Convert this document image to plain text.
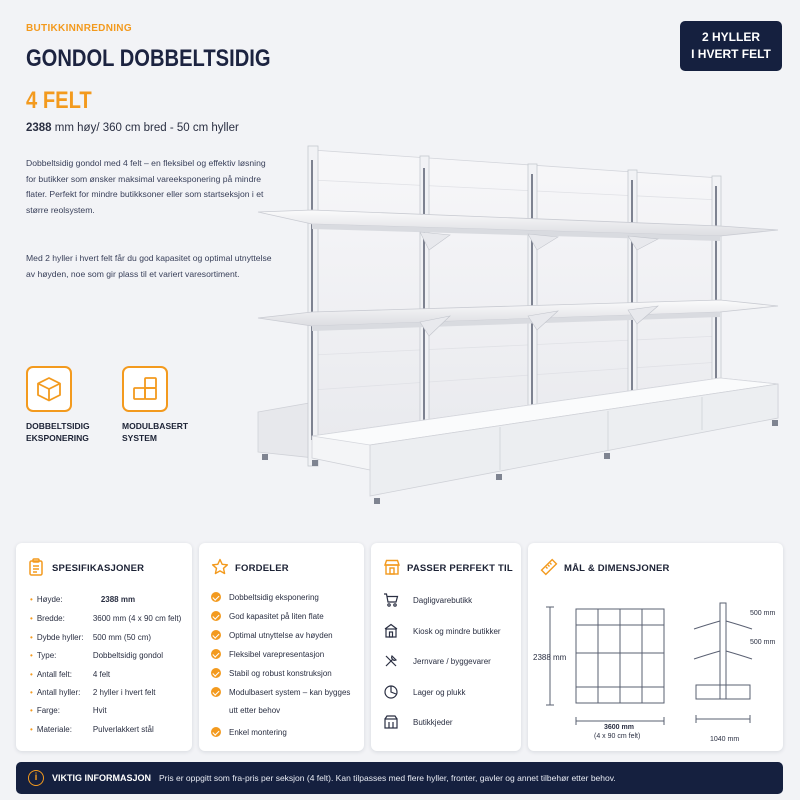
BUTIKKINNREDNING
GONDOL DOBBELTSIDIG
4 FELT
2388 mm høy/ 360 cm bred - 50 cm hyller
Dobbeltsidig gondol med 4 felt – en fleksibel og effektiv løsning for butikker som ønsker maksimal vareeksponering på mindre flater. Perfekt for mindre butikksoner eller som startseksjon i et større reolsystem.
Med 2 hyller i hvert felt får du god kapasitet og optimal utnyttelse av høyden, noe som gir plass til et variert varesortiment.
2 HYLLER
I HVERT FELT
DOBBELTSIDIG
EKSPONERING
MODULBASERT
SYSTEM
SPESIFIKASJONER
• Høyde:	2388 mm
• Bredde:	3600 mm (4 x 90 cm felt)
• Dybde hyller:	500 mm (50 cm)
• Type:	Dobbeltsidig gondol
• Antall felt:	4 felt
• Antall hyller:	2 hyller i hvert felt
• Farge:	Hvit
• Materiale:	Pulverlakkert stål
FORDELER
Dobbeltsidig eksponering
God kapasitet på liten flate
Optimal utnyttelse av høyden
Fleksibel varepresentasjon
Stabil og robust konstruksjon
Modulbasert system – kan bygges
utt etter behov
Enkel montering
PASSER PERFEKT TIL
Dagligvarebutikk
Kiosk og mindre butikker
Jernvare / byggevarer
Lager og plukk
Butikkjeder
MÅL & DIMENSJONER
2388 mm
3600 mm
(4 x 90 cm felt)
500 mm
500 mm
1040 mm
i	VIKTIG INFORMASJON Pris er oppgitt som fra-pris per seksjon (4 felt). Kan tilpasses med flere hyller, fronter, gavler og annet tilbehør etter behov.
